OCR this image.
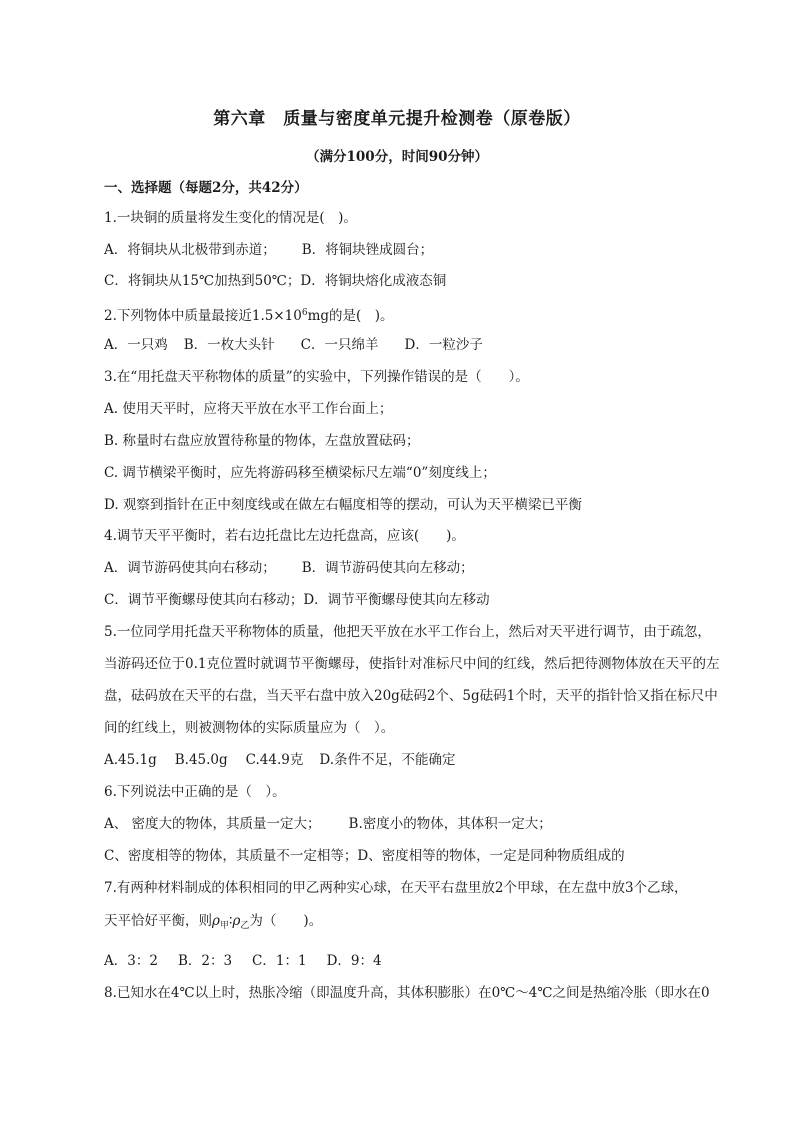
第六章　质量与密度单元提升检测卷（原卷版）
（满分100分，时间90分钟）
一、选择题（每题2分，共42分）
1.一块铜的质量将发生变化的情况是(　)。
A．将铜块从北极带到赤道； B．将铜块锉成圆台；
C．将铜块从15℃加热到50℃；D．将铜块熔化成液态铜
2.下列物体中质量最接近$1.5\times 10^6mg$的是(　)。
A．一只鸡 B．一枚大头针 C．一只绵羊 D．一粒沙子
3.在“用托盘天平称物体的质量”的实验中，下列操作错误的是（　　）。
A. 使用天平时，应将天平放在水平工作台面上；
B. 称量时右盘应放置待称量的物体，左盘放置砝码；
C. 调节横梁平衡时，应先将游码移至横梁标尺左端“0”刻度线上；
D. 观察到指针在正中刻度线或在做左右幅度相等的摆动，可认为天平横梁已平衡
4.调节天平平衡时，若右边托盘比左边托盘高，应该(　　)。
A．调节游码使其向右移动； B．调节游码使其向左移动；
C．调节平衡螺母使其向右移动；D．调节平衡螺母使其向左移动
5.一位同学用托盘天平称物体的质量，他把天平放在水平工作台上，然后对天平进行调节，由于疏忽，
当游码还位于0.1克位置时就调节平衡螺母，使指针对准标尺中间的红线，然后把待测物体放在天平的左
盘，砝码放在天平的右盘，当天平右盘中放入20g砝码2个、5g砝码1个时，天平的指针恰又指在标尺中
间的红线上，则被测物体的实际质量应为（　）。
A.45.1g B.45.0g C.44.9克 D.条件不足，不能确定
6.下列说法中正确的是（　）。
A、 密度大的物体，其质量一定大； B.密度小的物体，其体积一定大；
C、密度相等的物体，其质量不一定相等；D、密度相等的物体，一定是同种物质组成的
7.有两种材料制成的体积相同的甲乙两种实心球，在天平右盘里放2个甲球，在左盘中放3个乙球，
天平恰好平衡，则$\rho_甲∶\rho_乙$为（　　)。
A．3：2 B．2：3 C．1：1 D．9：4
8.已知水在4℃以上时，热胀冷缩（即温度升高，其体积膨胀）在0℃～4℃之间是热缩冷胀（即水在0
